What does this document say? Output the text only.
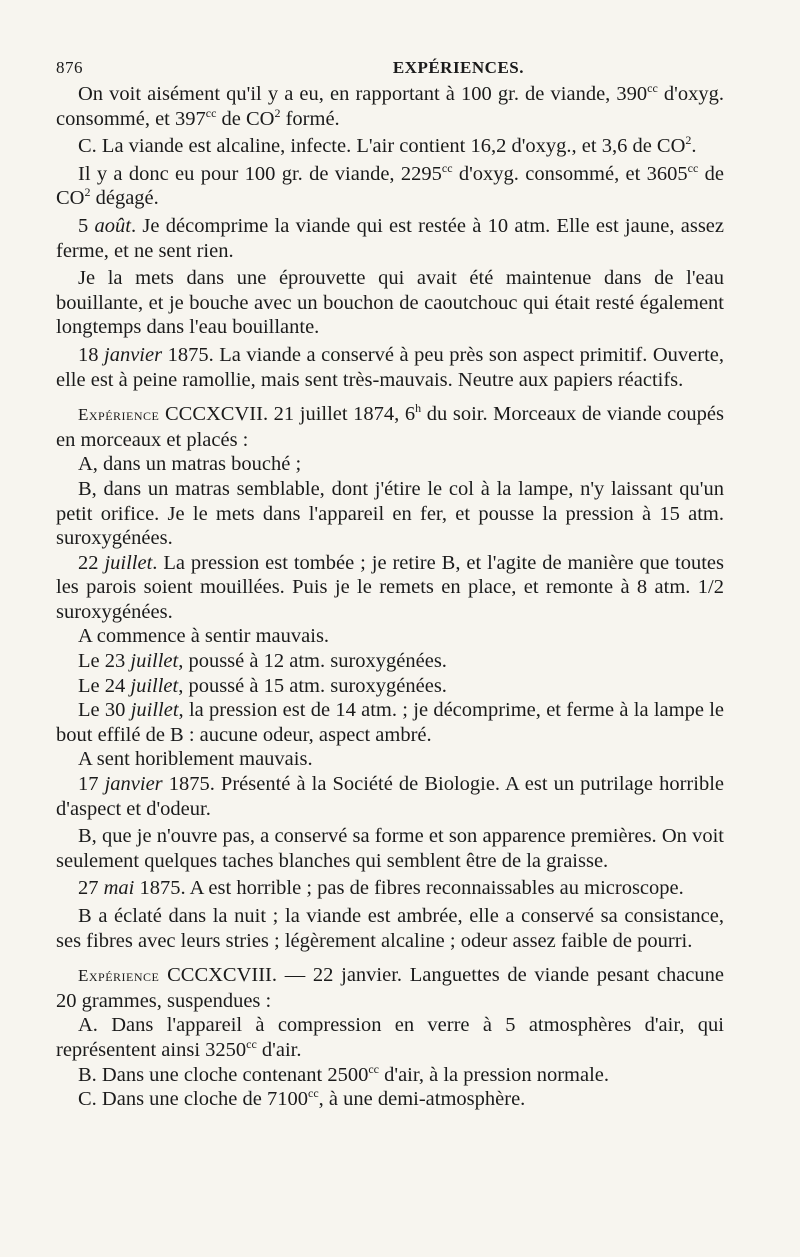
876	EXPÉRIENCES.

On voit aisément qu'il y a eu, en rapportant à 100 gr. de viande, $390^{cc}$ d'oxyg. consommé, et $397^{cc}$ de $CO^2$ formé.

C. La viande est alcaline, infecte. L'air contient 16,2 d'oxyg., et 3,6 de $CO^2$.

Il y a donc eu pour 100 gr. de viande, $2295^{cc}$ d'oxyg. consommé, et $3605^{cc}$ de $CO^2$ dégagé.

5 août. Je décomprime la viande qui est restée à 10 atm. Elle est jaune, assez ferme, et ne sent rien.

Je la mets dans une éprouvette qui avait été maintenue dans de l'eau bouillante, et je bouche avec un bouchon de caoutchouc qui était resté également longtemps dans l'eau bouillante.

18 janvier 1875. La viande a conservé à peu près son aspect primitif. Ouverte, elle est à peine ramollie, mais sent très-mauvais. Neutre aux papiers réactifs.

Expérience CCCXCVII. 21 juillet 1874, 6$^h$ du soir. Morceaux de viande coupés en morceaux et placés :

A, dans un matras bouché ;

B, dans un matras semblable, dont j'étire le col à la lampe, n'y laissant qu'un petit orifice. Je le mets dans l'appareil en fer, et pousse la pression à 15 atm. suroxygénées.

22 juillet. La pression est tombée ; je retire B, et l'agite de manière que toutes les parois soient mouillées. Puis je le remets en place, et remonte à 8 atm. 1/2 suroxygénées.

A commence à sentir mauvais.

Le 23 juillet, poussé à 12 atm. suroxygénées.

Le 24 juillet, poussé à 15 atm. suroxygénées.

Le 30 juillet, la pression est de 14 atm. ; je décomprime, et ferme à la lampe le bout effilé de B : aucune odeur, aspect ambré.

A sent horiblement mauvais.

17 janvier 1875. Présenté à la Société de Biologie. A est un putrilage horrible d'aspect et d'odeur.

B, que je n'ouvre pas, a conservé sa forme et son apparence premières. On voit seulement quelques taches blanches qui semblent être de la graisse.

27 mai 1875. A est horrible ; pas de fibres reconnaissables au microscope.

B a éclaté dans la nuit ; la viande est ambrée, elle a conservé sa consistance, ses fibres avec leurs stries ; légèrement alcaline ; odeur assez faible de pourri.

Expérience CCCXCVIII. — 22 janvier. Languettes de viande pesant chacune 20 grammes, suspendues :

A. Dans l'appareil à compression en verre à 5 atmosphères d'air, qui représentent ainsi $3250^{cc}$ d'air.

B. Dans une cloche contenant $2500^{cc}$ d'air, à la pression normale.

C. Dans une cloche de $7100^{cc}$, à une demi-atmosphère.
